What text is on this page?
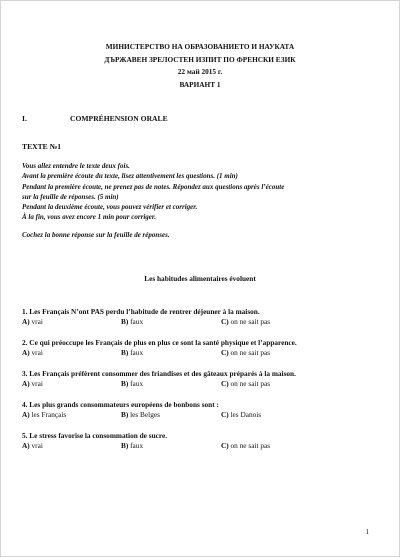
МИНИСТЕРСТВО НА ОБРАЗОВАНИЕТО И НАУКАТА
ДЪРЖАВЕН ЗРЕЛОСТЕН ИЗПИТ ПО ФРЕНСКИ ЕЗИК
22 май 2015 г.
ВАРИАНТ 1
I.	COMPRÉHENSION ORALE
TEXTE №1
Vous allez entendre le texte deux fois.
Avant la première écoute du texte, lisez attentivement les questions. (1 min)
Pendant la première écoute, ne prenez pas de notes. Répondez aux questions après l’écoute
sur la feuille de réponses. (5 min)
Pendant la deuxième écoute, vous pouvez vérifier et corriger.
À la fin, vous avez encore 1 min pour corriger.
Cochez la bonne réponse sur la feuille de réponses.
Les habitudes alimentaires évoluent
1. Les Français N’ont PAS perdu l’habitude de rentrer déjeuner à la maison.
A) vrai	B) faux	C) on ne sait pas
2. Ce qui préoccupe les Français de plus en plus ce sont la santé physique et l’apparence.
A) vrai	B) faux	C) on ne sait pas
3. Les Français préfèrent consommer des friandises et des gâteaux préparés à la maison.
A) vrai	B) faux	C) on ne sait pas
4. Les plus grands consommateurs européens de bonbons sont :
A) les Français	B) les Belges	C) les Danois
5. Le stress favorise la consommation de sucre.
A) vrai	B) faux	C) on ne sait pas
1
